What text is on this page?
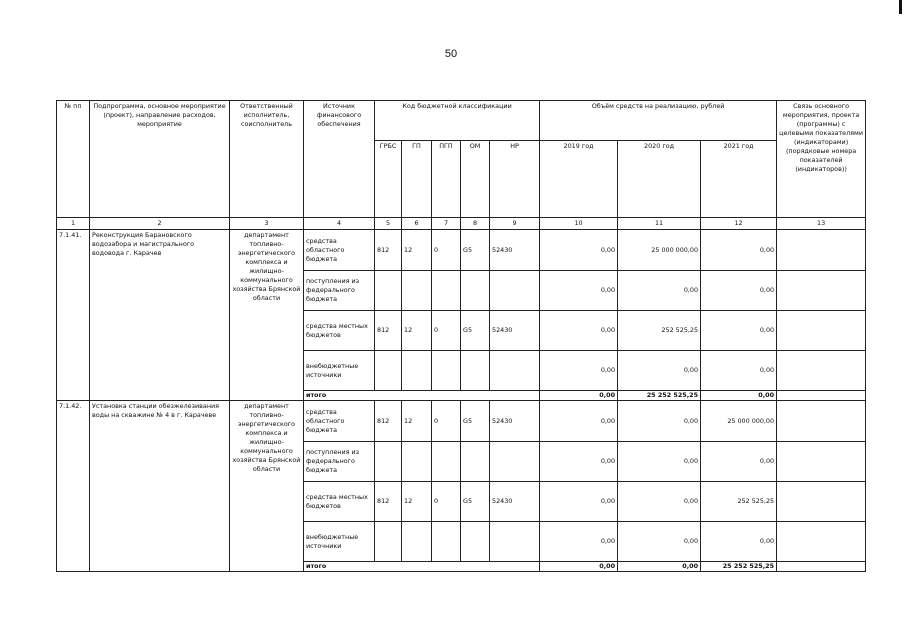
50
№ пп	Подпрограмма, основное мероприятие (проект), направление расходов, мероприятие	Ответственный исполнитель, соисполнитель	Источник финансового обеспечения	Код бюджетной классификации					Объём средств на реализацию, рублей			Связь основного мероприятия, проекта (программы) с целевыми показателями (индикаторами) (порядковые номера показателей (индикаторов))
				ГРБС	ГП	ПГП	ОМ	НР	2019 год	2020 год	2021 год	
1	2	3	4	5	6	7	8	9	10	11	12	13
7.1.41.	Реконструкция Барановского водозабора и магистрального водовода г. Карачев	департамент топливно-энергетического комплекса и жилищно-коммунального хозяйства Брянской области	средства областного бюджета	812	12	0	G5	52430	0,00	25 000 000,00	0,00	
			поступления из федерального бюджета						0,00	0,00	0,00	
			средства местных бюджетов	812	12	0	G5	52430	0,00	252 525,25	0,00	
			внебюджетные источники						0,00	0,00	0,00	
			итого						0,00	25 252 525,25	0,00	
7.1.42.	Установка станции обезжелезивания воды на скважине № 4 в г. Карачеве	департамент топливно-энергетического комплекса и жилищно-коммунального хозяйства Брянской области	средства областного бюджета	812	12	0	G5	52430	0,00	0,00	25 000 000,00	
			поступления из федерального бюджета						0,00	0,00	0,00	
			средства местных бюджетов	812	12	0	G5	52430	0,00	0,00	252 525,25	
			внебюджетные источники						0,00	0,00	0,00	
			итого						0,00	0,00	25 252 525,25	
